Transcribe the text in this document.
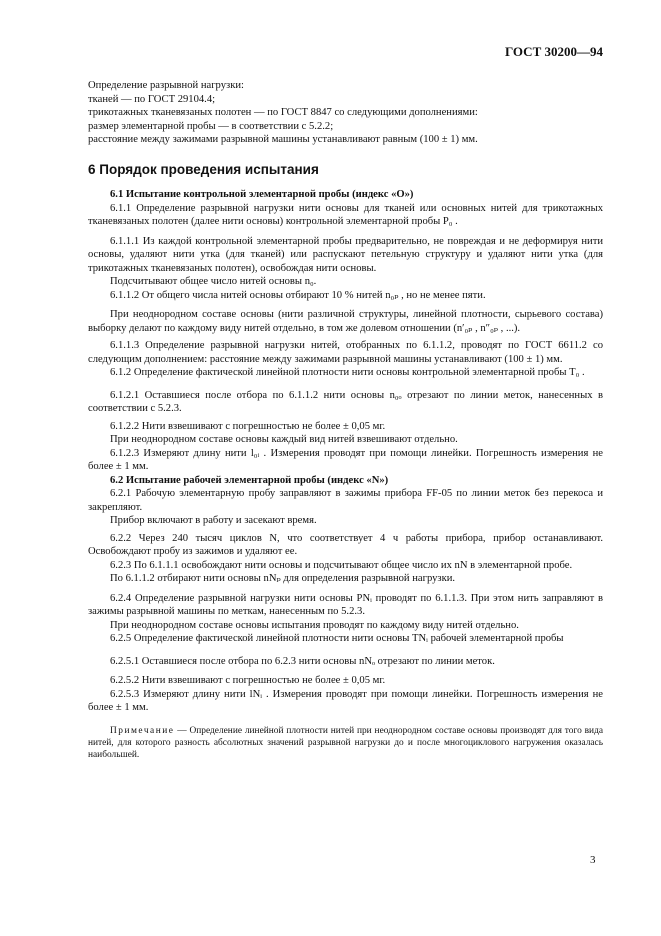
ГОСТ 30200—94

Определение разрывной нагрузки:

тканей — по ГОСТ 29104.4;

трикотажных тканевязаных полотен — по ГОСТ 8847 со следующими дополнениями:

размер элементарной пробы — в соответствии с 5.2.2;

расстояние между зажимами разрывной машины устанавливают равным (100 ± 1) мм.

6 Порядок проведения испытания

6.1 Испытание контрольной элементарной пробы (индекс «О»)

6.1.1 Определение разрывной нагрузки нити основы для тканей или основных нитей для трикотажных тканевязаных полотен (далее нити основы) контрольной элементарной пробы P₀ .

6.1.1.1 Из каждой контрольной элементарной пробы предварительно, не повреждая и не деформируя нити основы, удаляют нити утка (для тканей) или распускают петельную структуру и удаляют нити утка (для трикотажных тканевязаных полотен), освобождая нити основы.

Подсчитывают общее число нитей основы n₀.

6.1.1.2 От общего числа нитей основы отбирают 10 % нитей n₀ₚ , но не менее пяти.

При неоднородном составе основы (нити различной структуры, линейной плотности, сырьевого состава) выборку делают по каждому виду нитей отдельно, в том же долевом отношении (n′₀ₚ , n″₀ₚ , ...).

6.1.1.3 Определение разрывной нагрузки нитей, отобранных по 6.1.1.2, проводят по ГОСТ 6611.2 со следующим дополнением: расстояние между зажимами разрывной машины устанавливают (100 ± 1) мм.

6.1.2 Определение фактической линейной плотности нити основы контрольной элементарной пробы T₀ .

6.1.2.1 Оставшиеся после отбора по 6.1.1.2 нити основы n₀ₒ отрезают по линии меток, нанесенных в соответствии с 5.2.3.

6.1.2.2 Нити взвешивают с погрешностью не более ± 0,05 мг.

При неоднородном составе основы каждый вид нитей взвешивают отдельно.

6.1.2.3 Измеряют длину нити l₀ᵢ . Измерения проводят при помощи линейки. Погрешность измерения не более ± 1 мм.

6.2 Испытание рабочей элементарной пробы (индекс «N»)

6.2.1 Рабочую элементарную пробу заправляют в зажимы прибора FF-05 по линии меток без перекоса и закрепляют.

Прибор включают в работу и засекают время.

6.2.2 Через 240 тысяч циклов N, что соответствует 4 ч работы прибора, прибор останавливают. Освобождают пробу из зажимов и удаляют ее.

6.2.3 По 6.1.1.1 освобождают нити основы и подсчитывают общее число их nN в элементарной пробе.

По 6.1.1.2 отбирают нити основы nNₚ для определения разрывной нагрузки.

6.2.4 Определение разрывной нагрузки нити основы PNᵢ проводят по 6.1.1.3. При этом нить заправляют в зажимы разрывной машины по меткам, нанесенным по 5.2.3.

При неоднородном составе основы испытания проводят по каждому виду нитей отдельно.

6.2.5 Определение фактической линейной плотности нити основы TNᵢ рабочей элементарной пробы

6.2.5.1 Оставшиеся после отбора по 6.2.3 нити основы nNₒ отрезают по линии меток.

6.2.5.2 Нити взвешивают с погрешностью не более ± 0,05 мг.

6.2.5.3 Измеряют длину нити lNᵢ . Измерения проводят при помощи линейки. Погрешность измерения не более ± 1 мм.

Примечание — Определение линейной плотности нитей при неоднородном составе основы производят для того вида нитей, для которого разность абсолютных значений разрывной нагрузки до и после многоциклового нагружения оказалась наибольшей.

3
